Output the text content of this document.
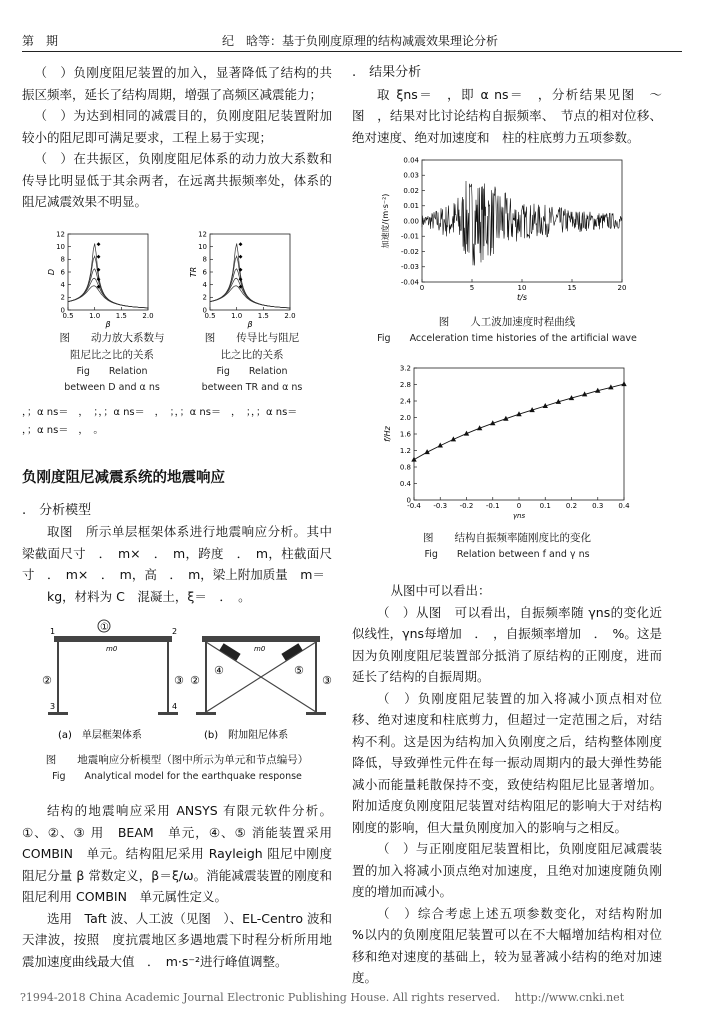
第　期	纪　晗等：基于负刚度原理的结构减震效果理论分析

（　）负刚度阻尼装置的加入，显著降低了结构的共振区频率，延长了结构周期，增强了高频区减震能力；

（　）为达到相同的减震目的，负刚度阻尼装置附加较小的阻尼即可满足要求，工程上易于实现；

（　）在共振区，负刚度阻尼体系的动力放大系数和传导比明显低于其余两者，在远离共振频率处，体系的阻尼减震效果不明显。

0.5 1.0 1.5 2.0
0
2
4
6
8
10
12
◆
◆
◆
◆
◆
β
D
0.5 1.0 1.5 2.0
0
2
4
6
8
10
12
◆
◆
◆
◆
◆
β
TR
图　　动力放大系数与
阻尼比之比的关系
Fig　　Relation
between D and α ns
图　　传导比与阻尼
比之比的关系
Fig　　Relation
between TR and α ns
，；α ns＝　，　；，；α ns＝　，　；，；α ns＝　，　；，；α ns＝
，；α ns＝　，　。
负刚度阻尼减震系统的地震响应
.　分析模型

取图　所示单层框架体系进行地震响应分析。其中梁截面尺寸　．　m×　．　m，跨度　．　m，柱截面尺寸　．　m×　．　m，高　．　m，梁上附加质量　m＝

kg，材料为 C　混凝土，ξ＝　．　。

①
②	③
1	2
3	4
m0
②	③
④	⑤
m0
(a)　单层框架体系	(b)　附加阻尼体系
图　　地震响应分析模型（图中所示为单元和节点编号）
Fig　　Analytical model for the earthquake response

结构的地震响应采用 ANSYS 有限元软件分析。①、②、③ 用　BEAM　单元，④、⑤ 消能装置采用 COMBIN　单元。结构阻尼采用 Rayleigh 阻尼中刚度阻尼分量 β 常数定义，β＝ξ/ω。消能减震装置的刚度和阻尼利用 COMBIN　单元属性定义。

选用　Taft 波、人工波（见图　）、EL-Centro 波和天津波，按照　度抗震地区多遇地震下时程分析所用地震加速度曲线最大值　．　m·s⁻²进行峰值调整。

.　结果分析

取 ξns＝　，即 α ns＝　，分析结果见图　～图　，结果对比讨论结构自振频率、　节点的相对位移、绝对速度、绝对加速度和　柱的柱底剪力五项参数。

0	5	10	15	20
-0.04
-0.03
-0.02
-0.01
0.00
0.01
0.02
0.03
0.04
t/s
加速度/(m·s⁻²)
图　　人工波加速度时程曲线
Fig　　Acceleration time histories of the artificial wave
-0.4 -0.3 -0.2 -0.1 0	0.1 0.2 0.3 0.4
0
0.4
0.8
1.2
1.6
2.0
2.4
2.8
3.2
γns
f/Hz
图　　结构自振频率随刚度比的变化
Fig　　Relation between f and γ ns

从图中可以看出：

（　）从图　可以看出，自振频率随 γns的变化近似线性，γns每增加　．　，自振频率增加　．　%。这是因为负刚度阻尼装置部分抵消了原结构的正刚度，进而延长了结构的自振周期。

（　）负刚度阻尼装置的加入将减小顶点相对位移、绝对速度和柱底剪力，但超过一定范围之后，对结构不利。这是因为结构加入负刚度之后，结构整体刚度降低，导致弹性元件在每一振动周期内的最大弹性势能减小而能量耗散保持不变，致使结构阻尼比显著增加。附加适度负刚度阻尼装置对结构阻尼的影响大于对结构刚度的影响，但大量负刚度加入的影响与之相反。

（　）与正刚度阻尼装置相比，负刚度阻尼减震装置的加入将减小顶点绝对加速度，且绝对加速度随负刚度的增加而减小。

（　）综合考虑上述五项参数变化，对结构附加　%以内的负刚度阻尼装置可以在不大幅增加结构相对位移和绝对速度的基础上，较为显著减小结构的绝对加速度。

?1994-2018 China Academic Journal Electronic Publishing House. All rights reserved.　 http://www.cnki.net
